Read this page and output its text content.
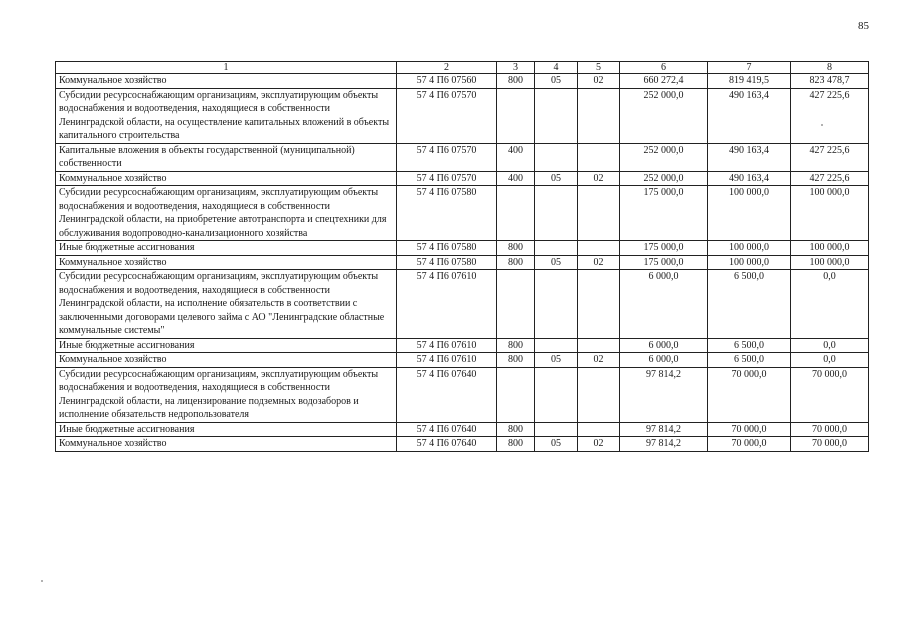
85
1	2	3	4	5	6	7	8
Коммунальное хозяйство	57 4 П6 07560	800	05	02	660 272,4	819 419,5	823 478,7
Субсидии ресурсоснабжающим организациям, эксплуатирующим объекты водоснабжения и водоотведения, находящиеся в собственности Ленинградской области, на осуществление капитальных вложений в объекты капитального строительства	57 4 П6 07570				252 000,0	490 163,4	427 225,6
Капитальные вложения в объекты государственной (муниципальной) собственности	57 4 П6 07570	400			252 000,0	490 163,4	427 225,6
Коммунальное хозяйство	57 4 П6 07570	400	05	02	252 000,0	490 163,4	427 225,6
Субсидии ресурсоснабжающим организациям, эксплуатирующим объекты водоснабжения и водоотведения, находящиеся в собственности Ленинградской области, на приобретение автотранспорта и спецтехники для обслуживания водопроводно-канализационного хозяйства	57 4 П6 07580				175 000,0	100 000,0	100 000,0
Иные бюджетные ассигнования	57 4 П6 07580	800			175 000,0	100 000,0	100 000,0
Коммунальное хозяйство	57 4 П6 07580	800	05	02	175 000,0	100 000,0	100 000,0
Субсидии ресурсоснабжающим организациям, эксплуатирующим объекты водоснабжения и водоотведения, находящиеся в собственности Ленинградской области, на исполнение обязательств в соответствии с заключенными договорами целевого займа с АО "Ленинградские областные коммунальные системы"	57 4 П6 07610				6 000,0	6 500,0	0,0
Иные бюджетные ассигнования	57 4 П6 07610	800			6 000,0	6 500,0	0,0
Коммунальное хозяйство	57 4 П6 07610	800	05	02	6 000,0	6 500,0	0,0
Субсидии ресурсоснабжающим организациям, эксплуатирующим объекты водоснабжения и водоотведения, находящиеся в собственности Ленинградской области, на лицензирование подземных водозаборов и исполнение обязательств недропользователя	57 4 П6 07640				97 814,2	70 000,0	70 000,0
Иные бюджетные ассигнования	57 4 П6 07640	800			97 814,2	70 000,0	70 000,0
Коммунальное хозяйство	57 4 П6 07640	800	05	02	97 814,2	70 000,0	70 000,0
